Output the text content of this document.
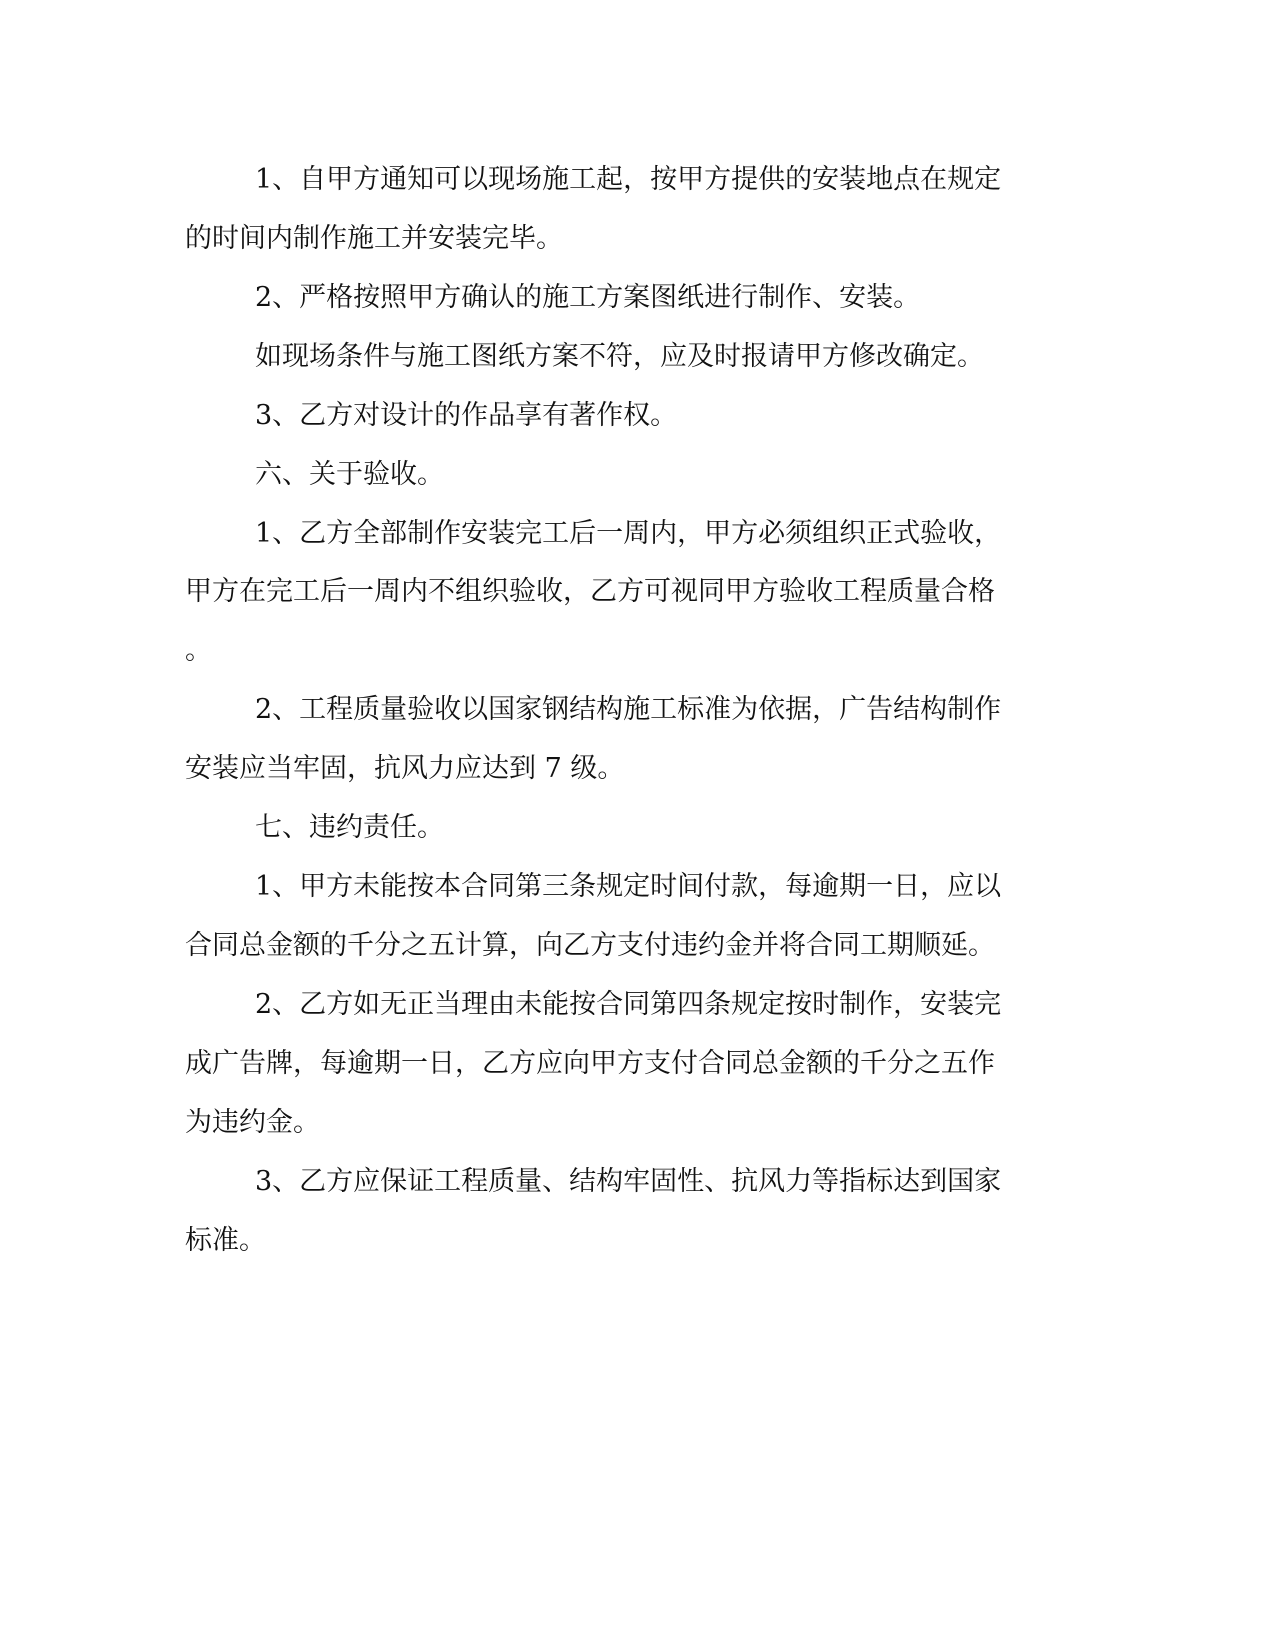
1、自甲方通知可以现场施工起，按甲方提供的安装地点在规定
的时间内制作施工并安装完毕。
2、严格按照甲方确认的施工方案图纸进行制作、安装。
如现场条件与施工图纸方案不符，应及时报请甲方修改确定。
3、乙方对设计的作品享有著作权。
六、关于验收。
1、乙方全部制作安装完工后一周内，甲方必须组织正式验收，
甲方在完工后一周内不组织验收，乙方可视同甲方验收工程质量合格
。
2、工程质量验收以国家钢结构施工标准为依据，广告结构制作
安装应当牢固，抗风力应达到 7 级。
七、违约责任。
1、甲方未能按本合同第三条规定时间付款，每逾期一日，应以
合同总金额的千分之五计算，向乙方支付违约金并将合同工期顺延。
2、乙方如无正当理由未能按合同第四条规定按时制作，安装完
成广告牌，每逾期一日，乙方应向甲方支付合同总金额的千分之五作
为违约金。
3、乙方应保证工程质量、结构牢固性、抗风力等指标达到国家
标准。
